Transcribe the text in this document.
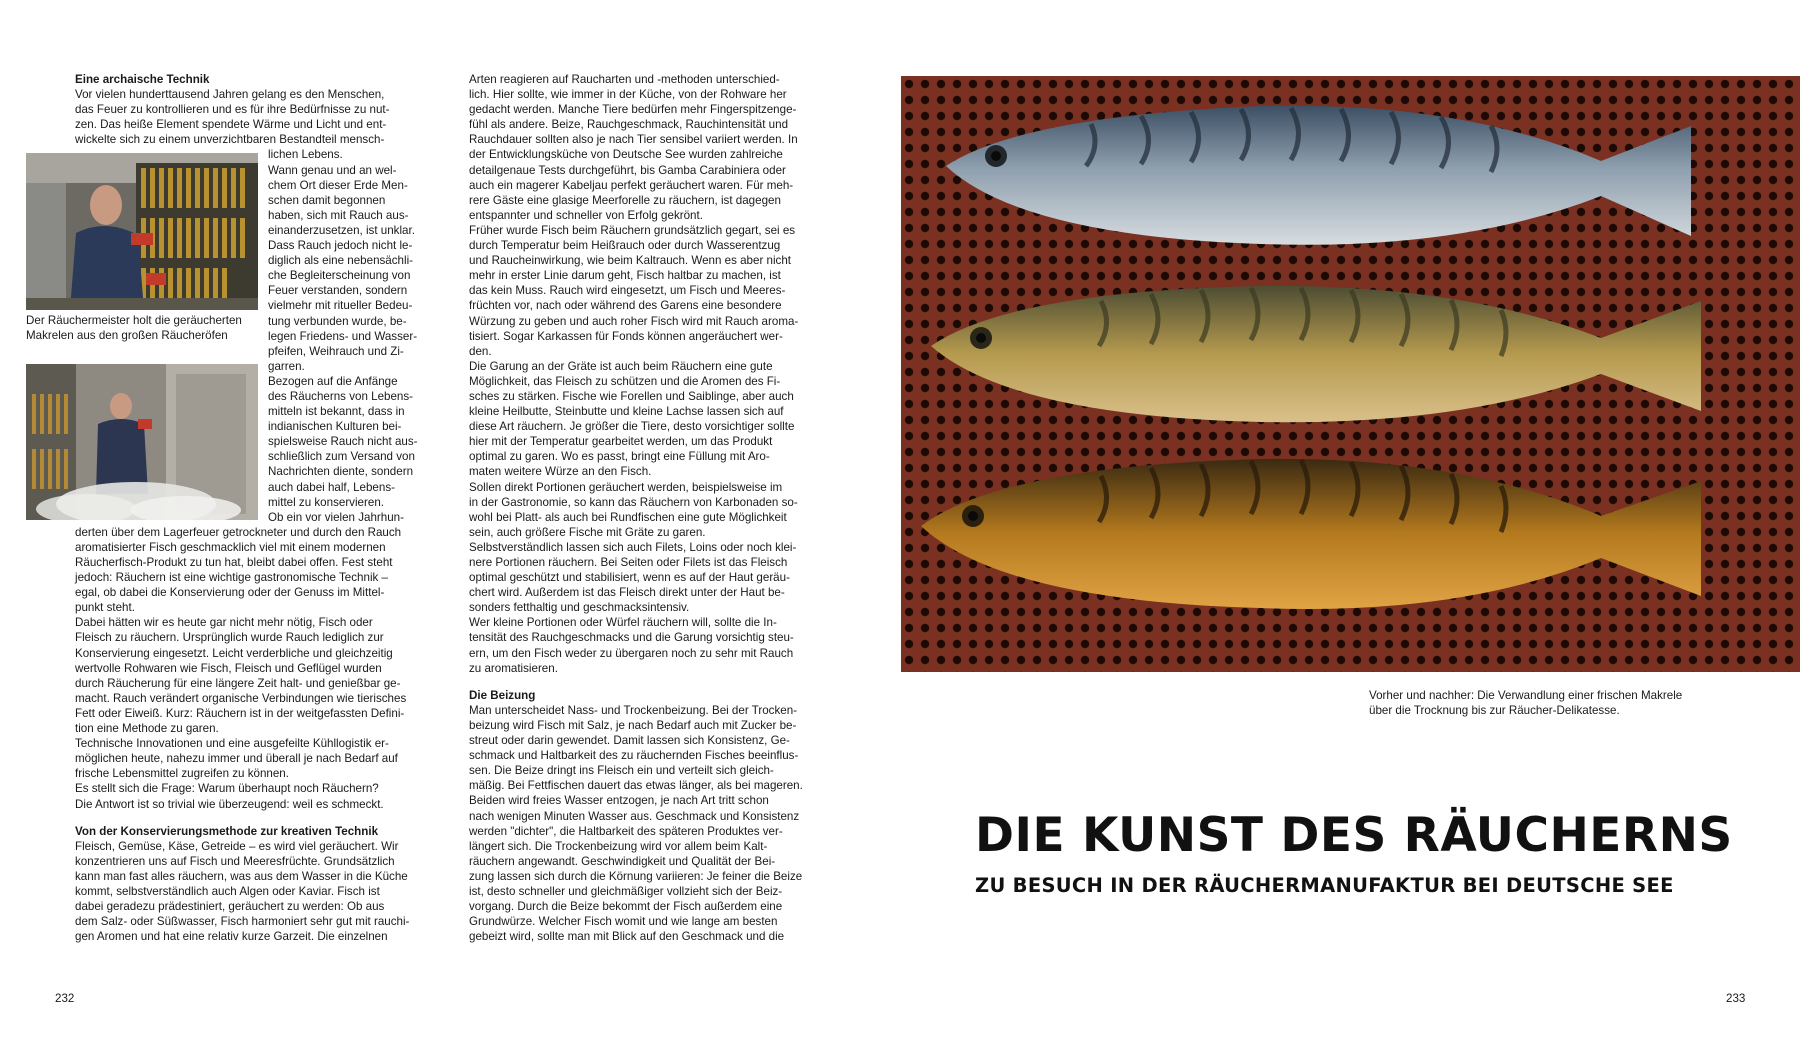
Der Räuchermeister holt die geräucherten Makrelen aus den großen Räucheröfen
Eine archaische Technik

Vor vielen hunderttausend Jahren gelang es den Menschen,

das Feuer zu kontrollieren und es für ihre Bedürfnisse zu nut-

zen. Das heiße Element spendete Wärme und Licht und ent-

wickelte sich zu einem unverzichtbaren Bestandteil mensch-

lichen Lebens.

Wann genau und an wel-

chem Ort dieser Erde Men-

schen damit begonnen

haben, sich mit Rauch aus-

einanderzusetzen, ist unklar.

Dass Rauch jedoch nicht le-

diglich als eine nebensächli-

che Begleiterscheinung von

Feuer verstanden, sondern

vielmehr mit ritueller Bedeu-

tung verbunden wurde, be-

legen Friedens- und Wasser-

pfeifen, Weihrauch und Zi-

garren.

Bezogen auf die Anfänge

des Räucherns von Lebens-

mitteln ist bekannt, dass in

indianischen Kulturen bei-

spielsweise Rauch nicht aus-

schließlich zum Versand von

Nachrichten diente, sondern

auch dabei half, Lebens-

mittel zu konservieren.

Ob ein vor vielen Jahrhun-

derten über dem Lagerfeuer getrockneter und durch den Rauch

aromatisierter Fisch geschmacklich viel mit einem modernen

Räucherfisch-Produkt zu tun hat, bleibt dabei offen. Fest steht

jedoch: Räuchern ist eine wichtige gastronomische Technik –

egal, ob dabei die Konservierung oder der Genuss im Mittel-

punkt steht.

Dabei hätten wir es heute gar nicht mehr nötig, Fisch oder

Fleisch zu räuchern. Ursprünglich wurde Rauch lediglich zur

Konservierung eingesetzt. Leicht verderbliche und gleichzeitig

wertvolle Rohwaren wie Fisch, Fleisch und Geflügel wurden

durch Räucherung für eine längere Zeit halt- und genießbar ge-

macht. Rauch verändert organische Verbindungen wie tierisches

Fett oder Eiweiß. Kurz: Räuchern ist in der weitgefassten Defini-

tion eine Methode zu garen.

Technische Innovationen und eine ausgefeilte Kühllogistik er-

möglichen heute, nahezu immer und überall je nach Bedarf auf

frische Lebensmittel zugreifen zu können.

Es stellt sich die Frage: Warum überhaupt noch Räuchern?

Die Antwort ist so trivial wie überzeugend: weil es schmeckt.

Von der Konservierungsmethode zur kreativen Technik

Fleisch, Gemüse, Käse, Getreide – es wird viel geräuchert. Wir

konzentrieren uns auf Fisch und Meeresfrüchte. Grundsätzlich

kann man fast alles räuchern, was aus dem Wasser in die Küche

kommt, selbstverständlich auch Algen oder Kaviar. Fisch ist

dabei geradezu prädestiniert, geräuchert zu werden: Ob aus

dem Salz- oder Süßwasser, Fisch harmoniert sehr gut mit rauchi-

gen Aromen und hat eine relativ kurze Garzeit. Die einzelnen

Arten reagieren auf Raucharten und -methoden unterschied-

lich. Hier sollte, wie immer in der Küche, von der Rohware her

gedacht werden. Manche Tiere bedürfen mehr Fingerspitzenge-

fühl als andere. Beize, Rauchgeschmack, Rauchintensität und

Rauchdauer sollten also je nach Tier sensibel variiert werden. In

der Entwicklungsküche von Deutsche See wurden zahlreiche

detailgenaue Tests durchgeführt, bis Gamba Carabiniera oder

auch ein magerer Kabeljau perfekt geräuchert waren. Für meh-

rere Gäste eine glasige Meerforelle zu räuchern, ist dagegen

entspannter und schneller von Erfolg gekrönt.

Früher wurde Fisch beim Räuchern grundsätzlich gegart, sei es

durch Temperatur beim Heißrauch oder durch Wasserentzug

und Raucheinwirkung, wie beim Kaltrauch. Wenn es aber nicht

mehr in erster Linie darum geht, Fisch haltbar zu machen, ist

das kein Muss. Rauch wird eingesetzt, um Fisch und Meeres-

früchten vor, nach oder während des Garens eine besondere

Würzung zu geben und auch roher Fisch wird mit Rauch aroma-

tisiert. Sogar Karkassen für Fonds können angeräuchert wer-

den.

Die Garung an der Gräte ist auch beim Räuchern eine gute

Möglichkeit, das Fleisch zu schützen und die Aromen des Fi-

sches zu stärken. Fische wie Forellen und Saiblinge, aber auch

kleine Heilbutte, Steinbutte und kleine Lachse lassen sich auf

diese Art räuchern. Je größer die Tiere, desto vorsichtiger sollte

hier mit der Temperatur gearbeitet werden, um das Produkt

optimal zu garen. Wo es passt, bringt eine Füllung mit Aro-

maten weitere Würze an den Fisch.

Sollen direkt Portionen geräuchert werden, beispielsweise im

in der Gastronomie, so kann das Räuchern von Karbonaden so-

wohl bei Platt- als auch bei Rundfischen eine gute Möglichkeit

sein, auch größere Fische mit Gräte zu garen.

Selbstverständlich lassen sich auch Filets, Loins oder noch klei-

nere Portionen räuchern. Bei Seiten oder Filets ist das Fleisch

optimal geschützt und stabilisiert, wenn es auf der Haut geräu-

chert wird. Außerdem ist das Fleisch direkt unter der Haut be-

sonders fetthaltig und geschmacksintensiv.

Wer kleine Portionen oder Würfel räuchern will, sollte die In-

tensität des Rauchgeschmacks und die Garung vorsichtig steu-

ern, um den Fisch weder zu übergaren noch zu sehr mit Rauch

zu aromatisieren.

Die Beizung

Man unterscheidet Nass- und Trockenbeizung. Bei der Trocken-

beizung wird Fisch mit Salz, je nach Bedarf auch mit Zucker be-

streut oder darin gewendet. Damit lassen sich Konsistenz, Ge-

schmack und Haltbarkeit des zu räuchernden Fisches beeinflus-

sen. Die Beize dringt ins Fleisch ein und verteilt sich gleich-

mäßig. Bei Fettfischen dauert das etwas länger, als bei mageren.

Beiden wird freies Wasser entzogen, je nach Art tritt schon

nach wenigen Minuten Wasser aus. Geschmack und Konsistenz

werden "dichter", die Haltbarkeit des späteren Produktes ver-

längert sich. Die Trockenbeizung wird vor allem beim Kalt-

räuchern angewandt. Geschwindigkeit und Qualität der Bei-

zung lassen sich durch die Körnung variieren: Je feiner die Beize

ist, desto schneller und gleichmäßiger vollzieht sich der Beiz-

vorgang. Durch die Beize bekommt der Fisch außerdem eine

Grundwürze. Welcher Fisch womit und wie lange am besten

gebeizt wird, sollte man mit Blick auf den Geschmack und die

232
Vorher und nachher: Die Verwandlung einer frischen Makrele
über die Trocknung bis zur Räucher-Delikatesse.
DIE KUNST DES RÄUCHERNS
ZU BESUCH IN DER RÄUCHERMANUFAKTUR BEI DEUTSCHE SEE
233
